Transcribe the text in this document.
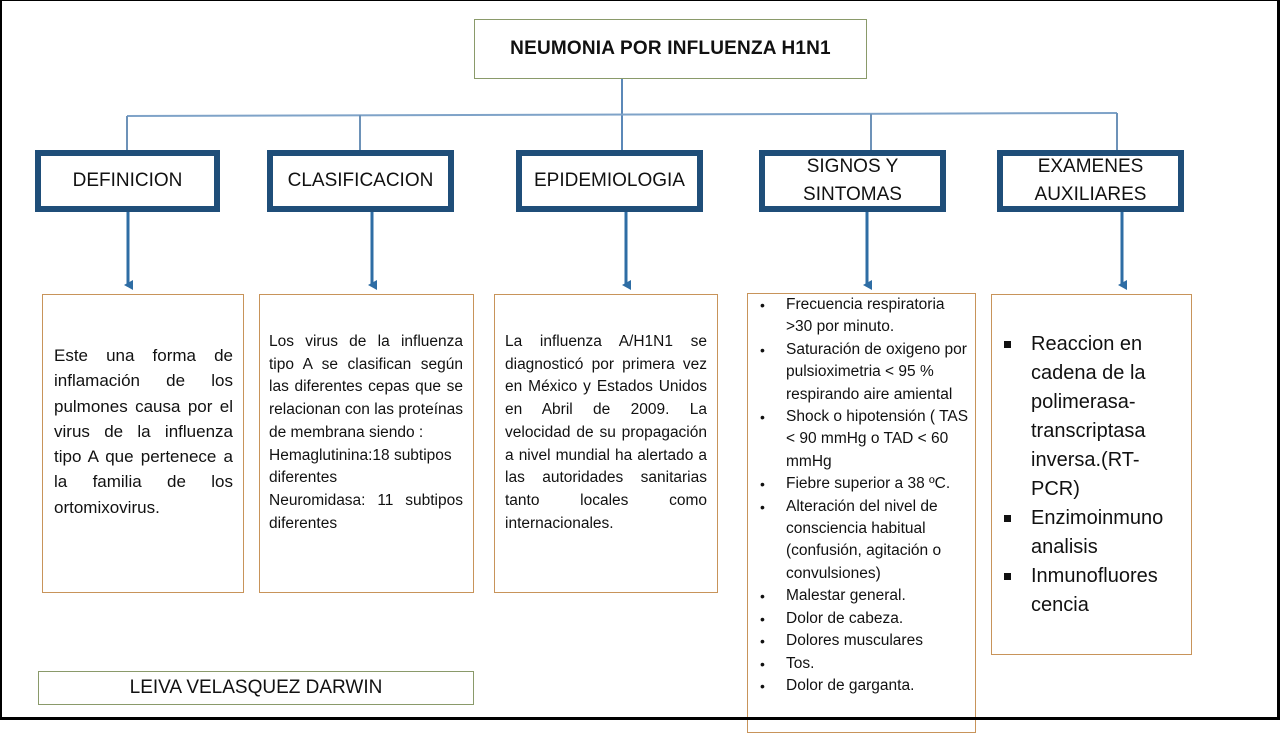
NEUMONIA POR INFLUENZA H1N1
DEFINICION	CLASIFICACION	EPIDEMIOLOGIA
SIGNOS Y
SINTOMAS
EXAMENES
AUXILIARES
Este una forma de inflamación de los pulmones causa por el virus de la influenza tipo A que pertenece a la familia de los ortomixovirus.
Los virus de la influenza tipo A se clasifican según las diferentes cepas que se relacionan con las proteínas de membrana siendo :
Hemaglutinina:18 subtipos diferentes
Neuromidasa: 11 subtipos diferentes
La influenza A/H1N1 se diagnosticó por primera vez en México y Estados Unidos en Abril de 2009. La velocidad de su propagación a nivel mundial ha alertado a las autoridades sanitarias tanto locales como internacionales.
• Frecuencia respiratoria >30 por minuto.
• Saturación de oxigeno por pulsioximetria < 95 % respirando aire amiental
• Shock o hipotensión ( TAS < 90 mmHg o TAD < 60 mmHg
• Fiebre superior a 38 ºC.
• Alteración del nivel de consciencia habitual (confusión, agitación o convulsiones)
• Malestar general.
• Dolor de cabeza.
• Dolores musculares
• Tos.
• Dolor de garganta.
Reaccion en cadena de la polimerasa-transcriptasa inversa.(RT-PCR)
Enzimoinmuno analisis
Inmunofluores cencia
LEIVA VELASQUEZ DARWIN
